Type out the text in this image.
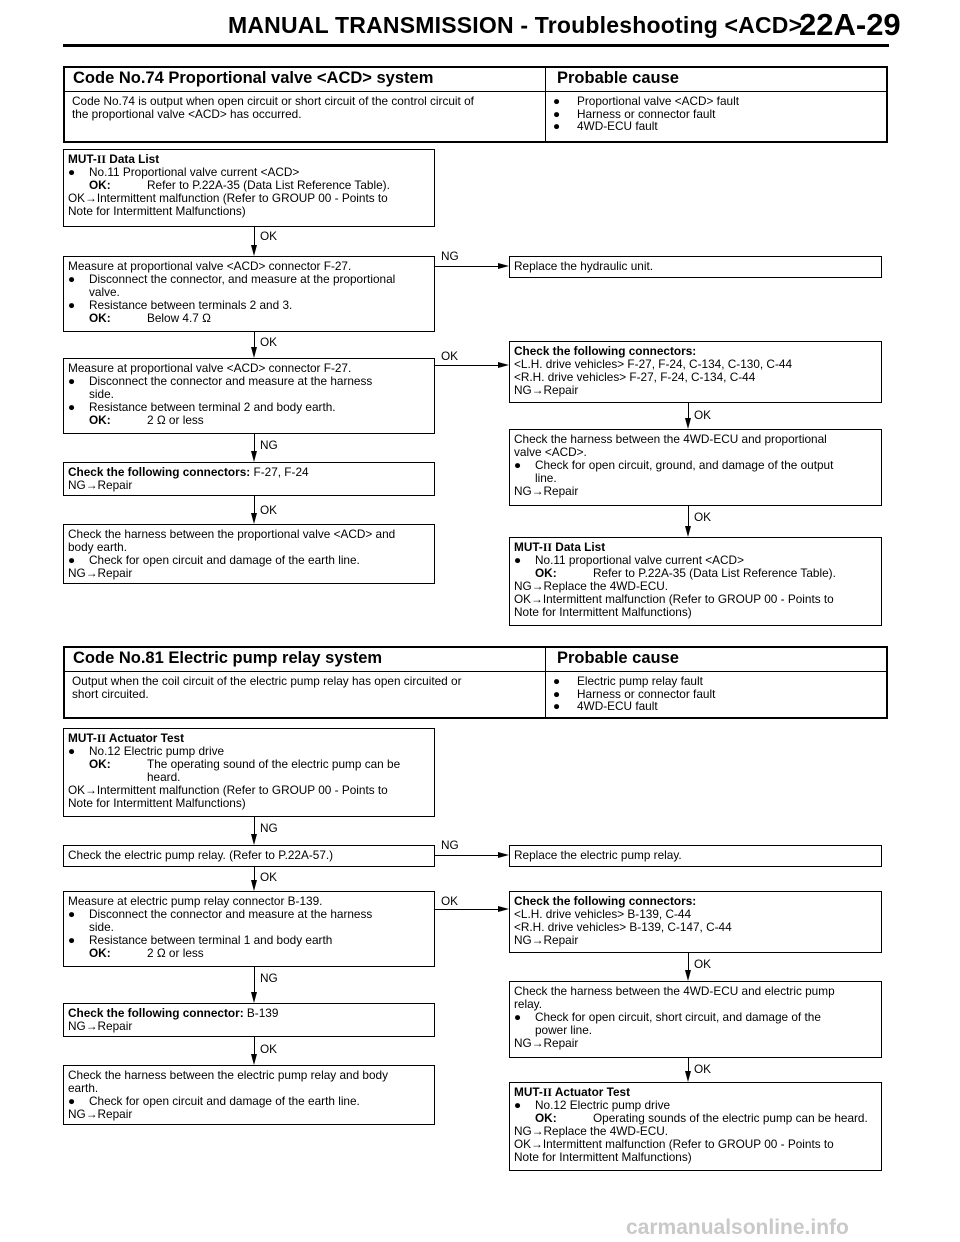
MANUAL TRANSMISSION - Troubleshooting <ACD>
22A-29
Code No.74 Proportional valve <ACD> system	Probable cause
Code No.74 is output when open circuit or short circuit of the control circuit of
the proportional valve <ACD> has occurred.
● Proportional valve <ACD> fault
● Harness or connector fault
● 4WD-ECU fault
MUT-II Data List
● No.11 Proportional valve current <ACD>
OK:	Refer to P.22A-35 (Data List Reference Table).
OK→Intermittent malfunction (Refer to GROUP 00 - Points to
Note for Intermittent Malfunctions)
Measure at proportional valve <ACD> connector F-27.
● Disconnect the connector, and measure at the proportional
valve.
● Resistance between terminals 2 and 3.
OK:	Below 4.7 Ω
Measure at proportional valve <ACD> connector F-27.
● Disconnect the connector and measure at the harness
side.
● Resistance between terminal 2 and body earth.
OK:	2 Ω or less
Check the following connectors: F-27, F-24
NG→Repair
Check the harness between the proportional valve <ACD> and
body earth.
● Check for open circuit and damage of the earth line.
NG→Repair
Replace the hydraulic unit.
Check the following connectors:
<L.H. drive vehicles> F-27, F-24, C-134, C-130, C-44
<R.H. drive vehicles> F-27, F-24, C-134, C-44
NG→Repair
Check the harness between the 4WD-ECU and proportional
valve <ACD>.
● Check for open circuit, ground, and damage of the output
line.
NG→Repair
MUT-II Data List
● No.11 proportional valve current <ACD>
OK:	Refer to P.22A-35 (Data List Reference Table).
NG→Replace the 4WD-ECU.
OK→Intermittent malfunction (Refer to GROUP 00 - Points to
Note for Intermittent Malfunctions)
OK
NG
OK
OK
NG
OK
OK
OK
Code No.81 Electric pump relay system	Probable cause
Output when the coil circuit of the electric pump relay has open circuited or
short circuited.
● Electric pump relay fault
● Harness or connector fault
● 4WD-ECU fault
MUT-II Actuator Test
● No.12 Electric pump drive
OK:	The operating sound of the electric pump can be
heard.
OK→Intermittent malfunction (Refer to GROUP 00 - Points to
Note for Intermittent Malfunctions)
Check the electric pump relay. (Refer to P.22A-57.)
Measure at electric pump relay connector B-139.
● Disconnect the connector and measure at the harness
side.
● Resistance between terminal 1 and body earth
OK:	2 Ω or less
Check the following connector: B-139
NG→Repair
Check the harness between the electric pump relay and body
earth.
● Check for open circuit and damage of the earth line.
NG→Repair
Replace the electric pump relay.
Check the following connectors:
<L.H. drive vehicles> B-139, C-44
<R.H. drive vehicles> B-139, C-147, C-44
NG→Repair
Check the harness between the 4WD-ECU and electric pump
relay.
● Check for open circuit, short circuit, and damage of the
power line.
NG→Repair
MUT-II Actuator Test
● No.12 Electric pump drive
OK:	Operating sounds of the electric pump can be heard.
NG→Replace the 4WD-ECU.
OK→Intermittent malfunction (Refer to GROUP 00 - Points to
Note for Intermittent Malfunctions)
NG
NG
OK
OK
NG
OK
OK
OK
carmanualsonline.info
